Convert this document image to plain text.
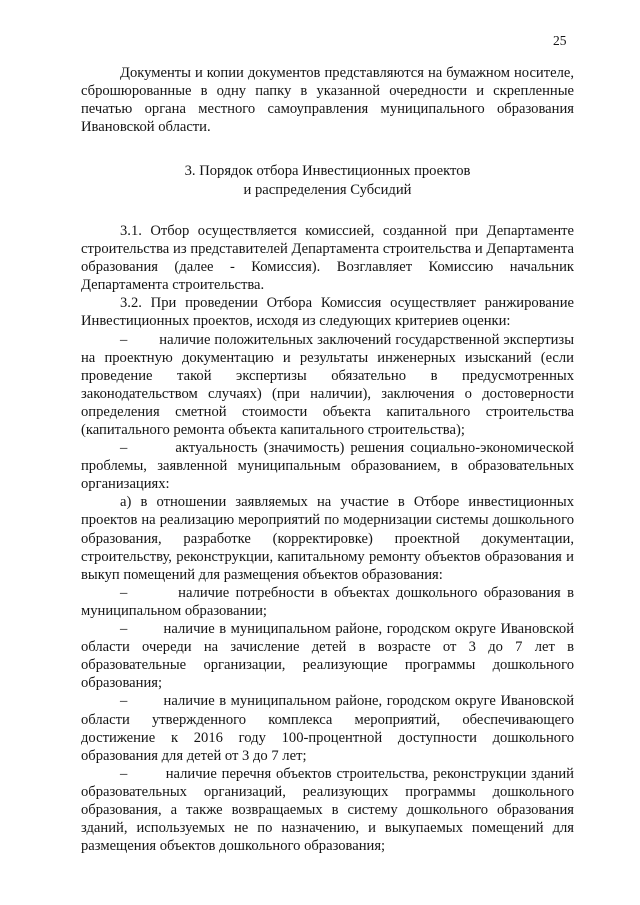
25

Документы и копии документов представляются на бумажном носителе, сброшюрованные в одну папку в указанной очередности и скрепленные печатью органа местного самоуправления муниципального образования Ивановской области.

3. Порядок отбора Инвестиционных проектов
и распределения Субсидий

3.1. Отбор осуществляется комиссией, созданной при Департаменте строительства из представителей Департамента строительства и Департамента образования (далее - Комиссия). Возглавляет Комиссию начальник Департамента строительства.

3.2. При проведении Отбора Комиссия осуществляет ранжирование Инвестиционных проектов, исходя из следующих критериев оценки:

–        наличие положительных заключений государственной экспертизы на проектную документацию и результаты инженерных изысканий (если проведение такой экспертизы обязательно в предусмотренных законодательством случаях) (при наличии), заключения о достоверности определения сметной стоимости объекта капитального строительства (капитального ремонта объекта капитального строительства);

–        актуальность (значимость) решения социально-экономической проблемы, заявленной муниципальным образованием, в образовательных организациях:

а) в отношении заявляемых на участие в Отборе инвестиционных проектов на реализацию мероприятий по модернизации системы дошкольного образования, разработке (корректировке) проектной документации, строительству, реконструкции, капитальному ремонту объектов образования и выкуп помещений для размещения объектов образования:

–        наличие потребности в объектах дошкольного образования в муниципальном образовании;

–        наличие в муниципальном районе, городском округе Ивановской области очереди на зачисление детей в возрасте от 3 до 7 лет в образовательные организации, реализующие программы дошкольного образования;

–        наличие в муниципальном районе, городском округе Ивановской области утвержденного комплекса мероприятий, обеспечивающего достижение к 2016 году 100-процентной доступности дошкольного образования для детей от 3 до 7 лет;

–        наличие перечня объектов строительства, реконструкции зданий образовательных организаций, реализующих программы дошкольного образования, а также возвращаемых в систему дошкольного образования зданий, используемых не по назначению, и выкупаемых помещений для размещения объектов дошкольного образования;
